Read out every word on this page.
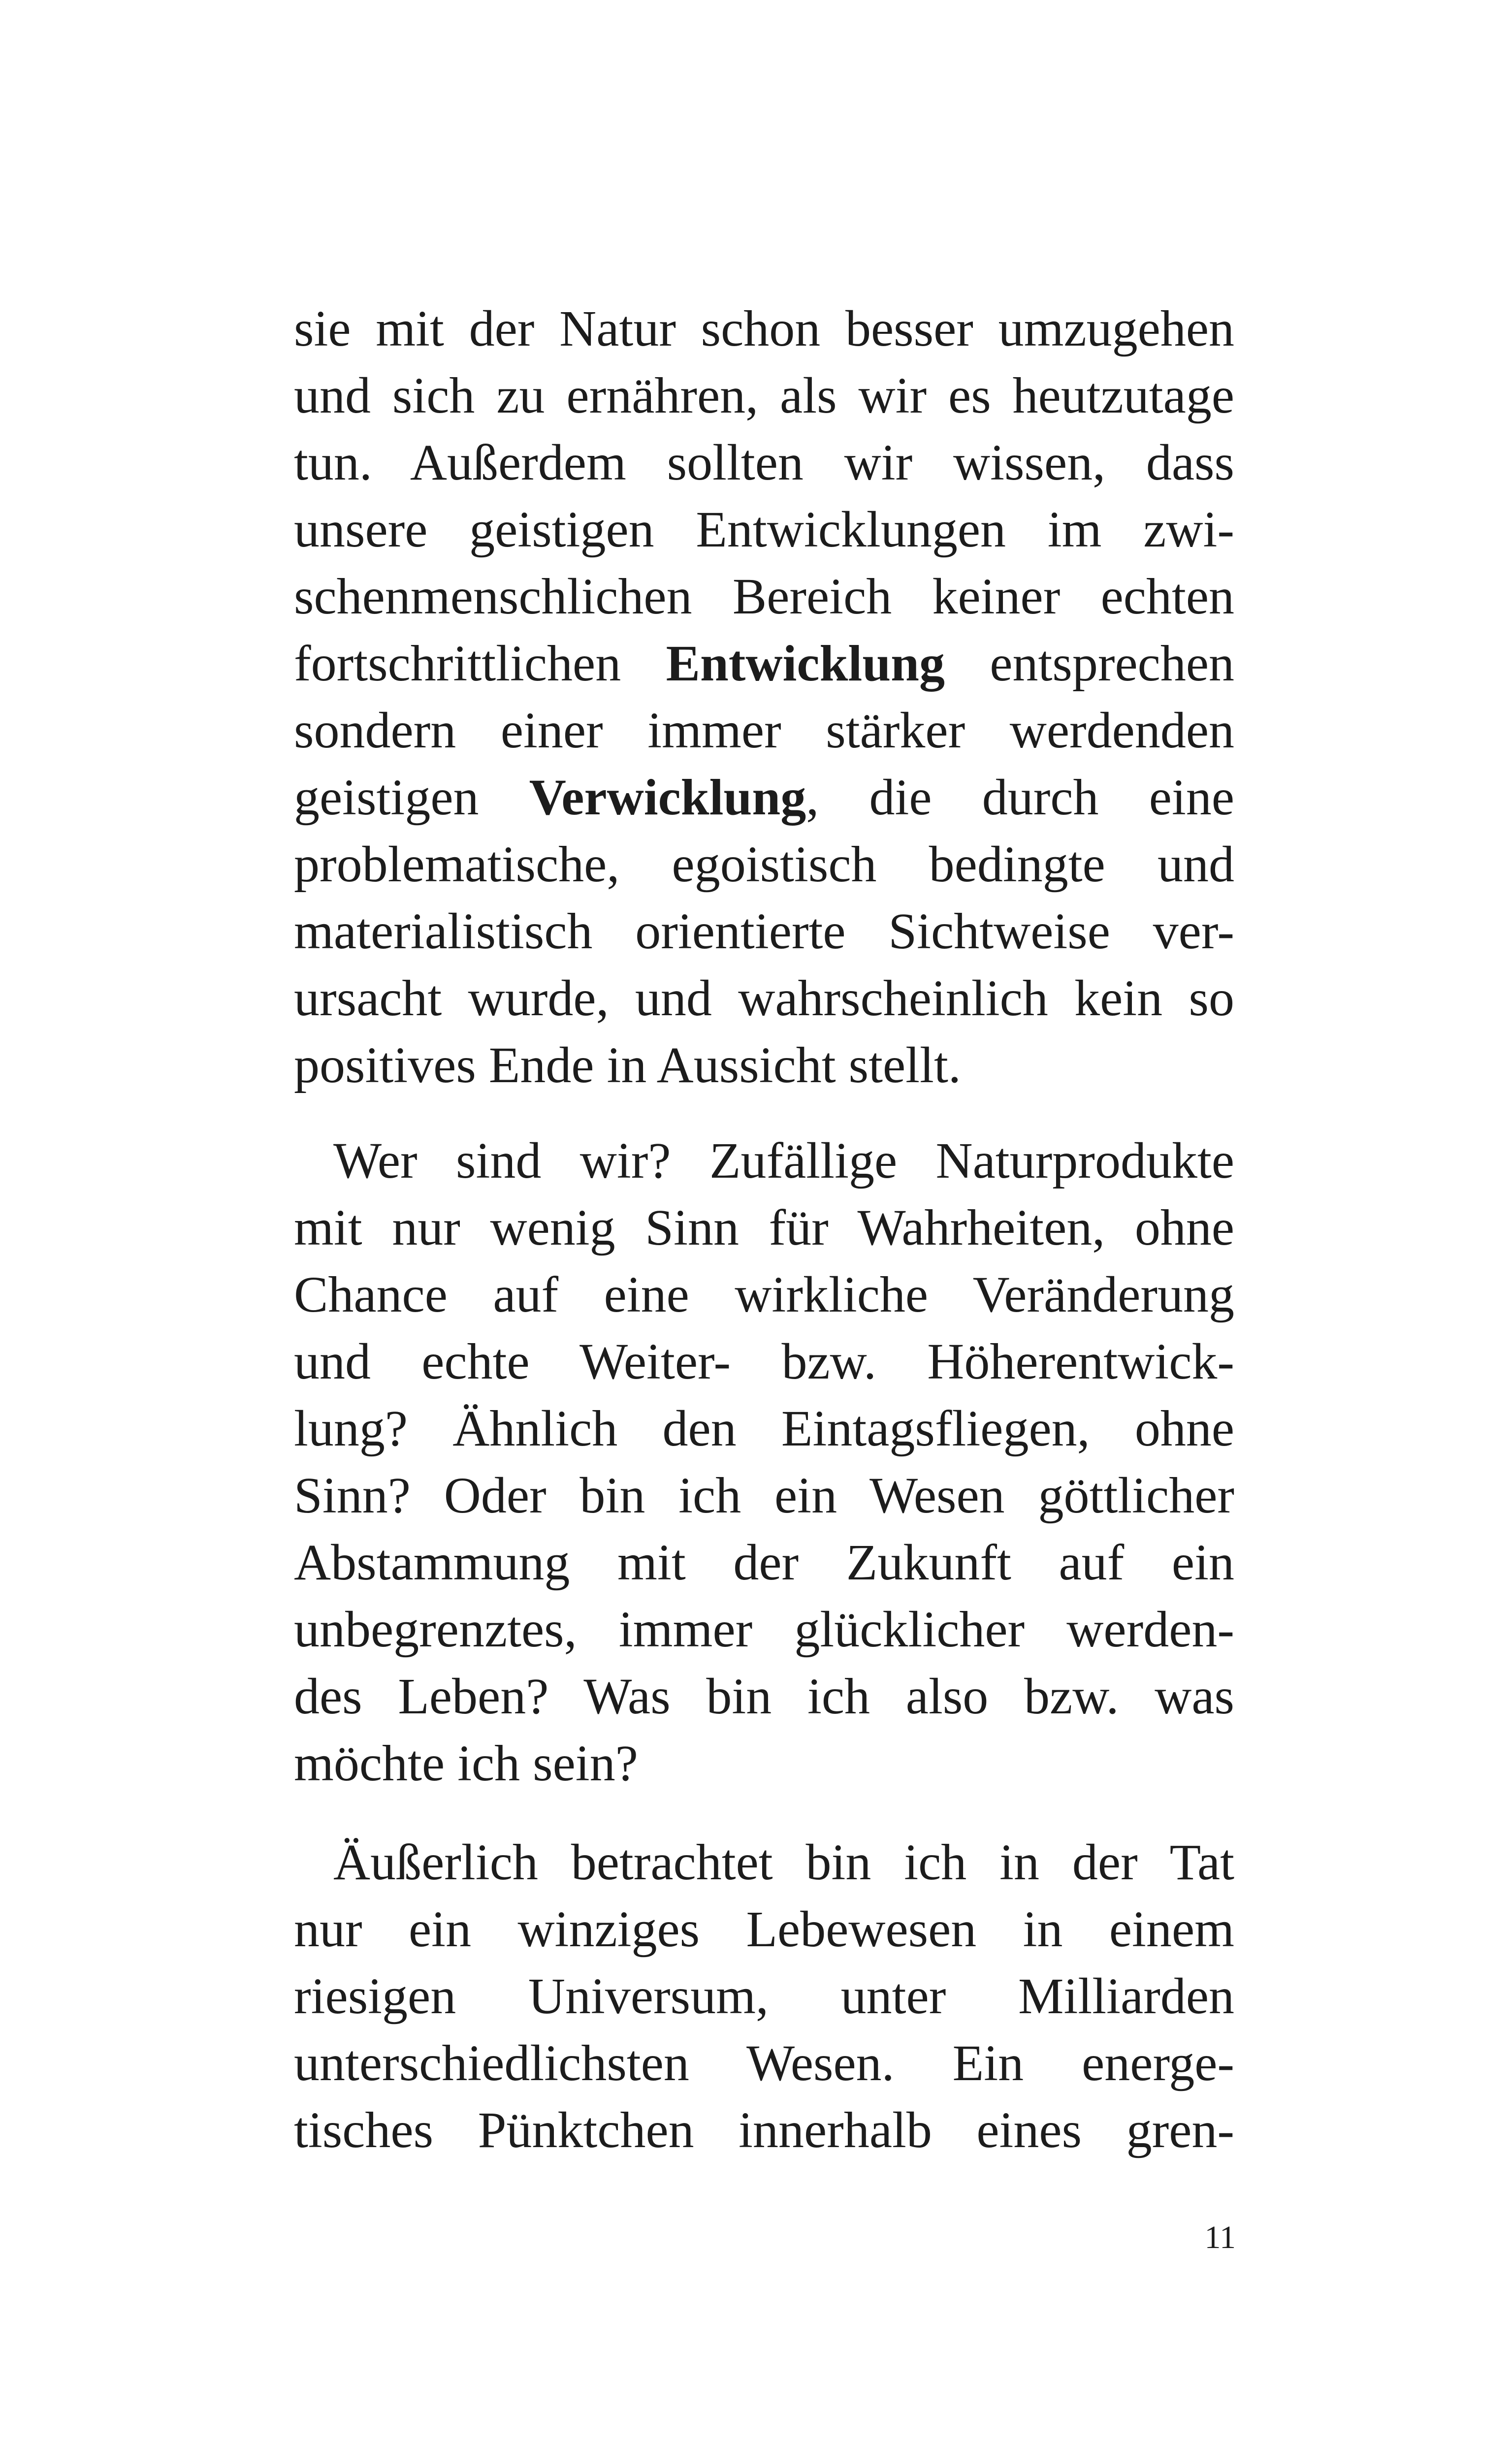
sie mit der Natur schon besser umzugehen
und sich zu ernähren, als wir es heutzutage
tun. Außerdem sollten wir wissen, dass
unsere geistigen Entwicklungen im zwi-
schenmenschlichen Bereich keiner echten
fortschrittlichen Entwicklung entsprechen
sondern einer immer stärker werdenden
geistigen Verwicklung, die durch eine
problematische, egoistisch bedingte und
materialistisch orientierte Sichtweise ver-
ursacht wurde, und wahrscheinlich kein so
positives Ende in Aussicht stellt.
Wer sind wir? Zufällige Naturprodukte
mit nur wenig Sinn für Wahrheiten, ohne
Chance auf eine wirkliche Veränderung
und echte Weiter- bzw. Höherentwick-
lung? Ähnlich den Eintagsfliegen, ohne
Sinn? Oder bin ich ein Wesen göttlicher
Abstammung mit der Zukunft auf ein
unbegrenztes, immer glücklicher werden-
des Leben? Was bin ich also bzw. was
möchte ich sein?
Äußerlich betrachtet bin ich in der Tat
nur ein winziges Lebewesen in einem
riesigen Universum, unter Milliarden
unterschiedlichsten Wesen. Ein energe-
tisches Pünktchen innerhalb eines gren-
11
